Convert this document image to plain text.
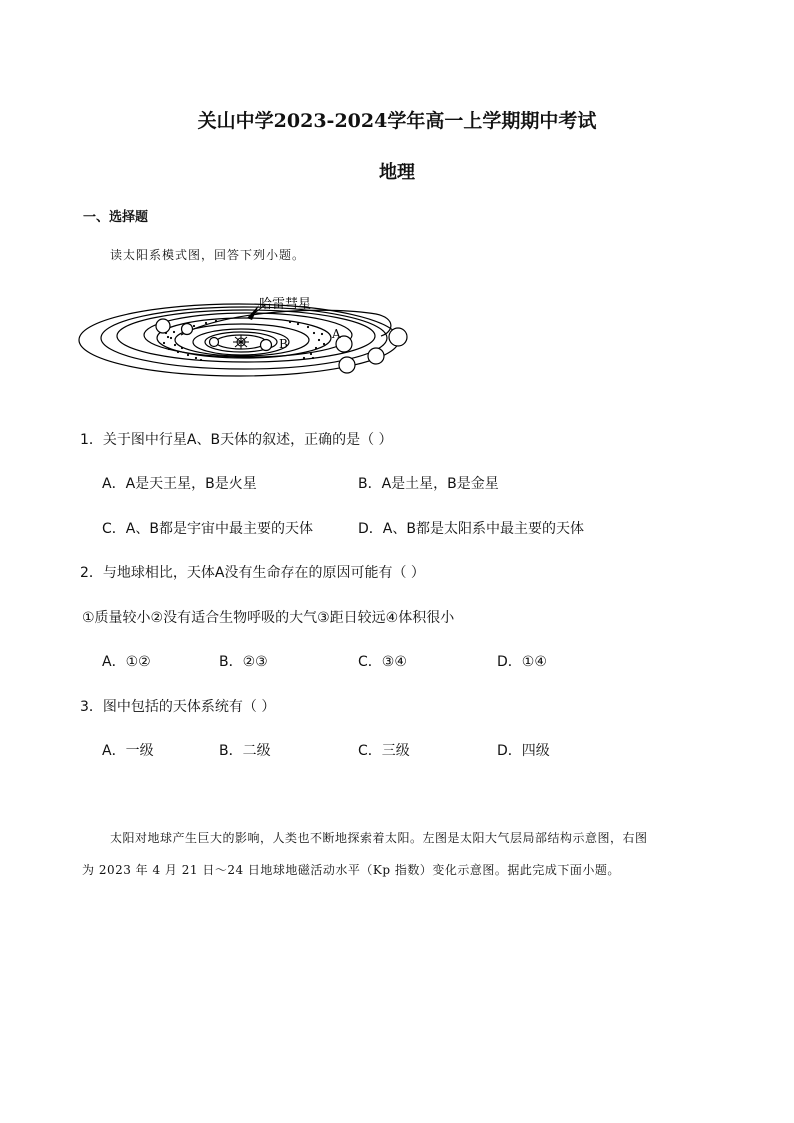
关山中学2023-2024学年高一上学期期中考试
地理
一、选择题
读太阳系模式图，回答下列小题。
哈雷彗星
A
B
1．关于图中行星A、B天体的叙述，正确的是（ ）
A．A是天王星，B是火星	B．A是土星，B是金星
C．A、B都是宇宙中最主要的天体	D．A、B都是太阳系中最主要的天体
2．与地球相比，天体A没有生命存在的原因可能有（ ）
①质量较小②没有适合生物呼吸的大气③距日较远④体积很小
A．①②	B．②③	C．③④	D．①④
3．图中包括的天体系统有（ ）
A．一级	B．二级	C．三级	D．四级
太阳对地球产生巨大的影响，人类也不断地探索着太阳。左图是太阳大气层局部结构示意图，右图
为 2023 年 4 月 21 日～24 日地球地磁活动水平（Kp 指数）变化示意图。据此完成下面小题。
